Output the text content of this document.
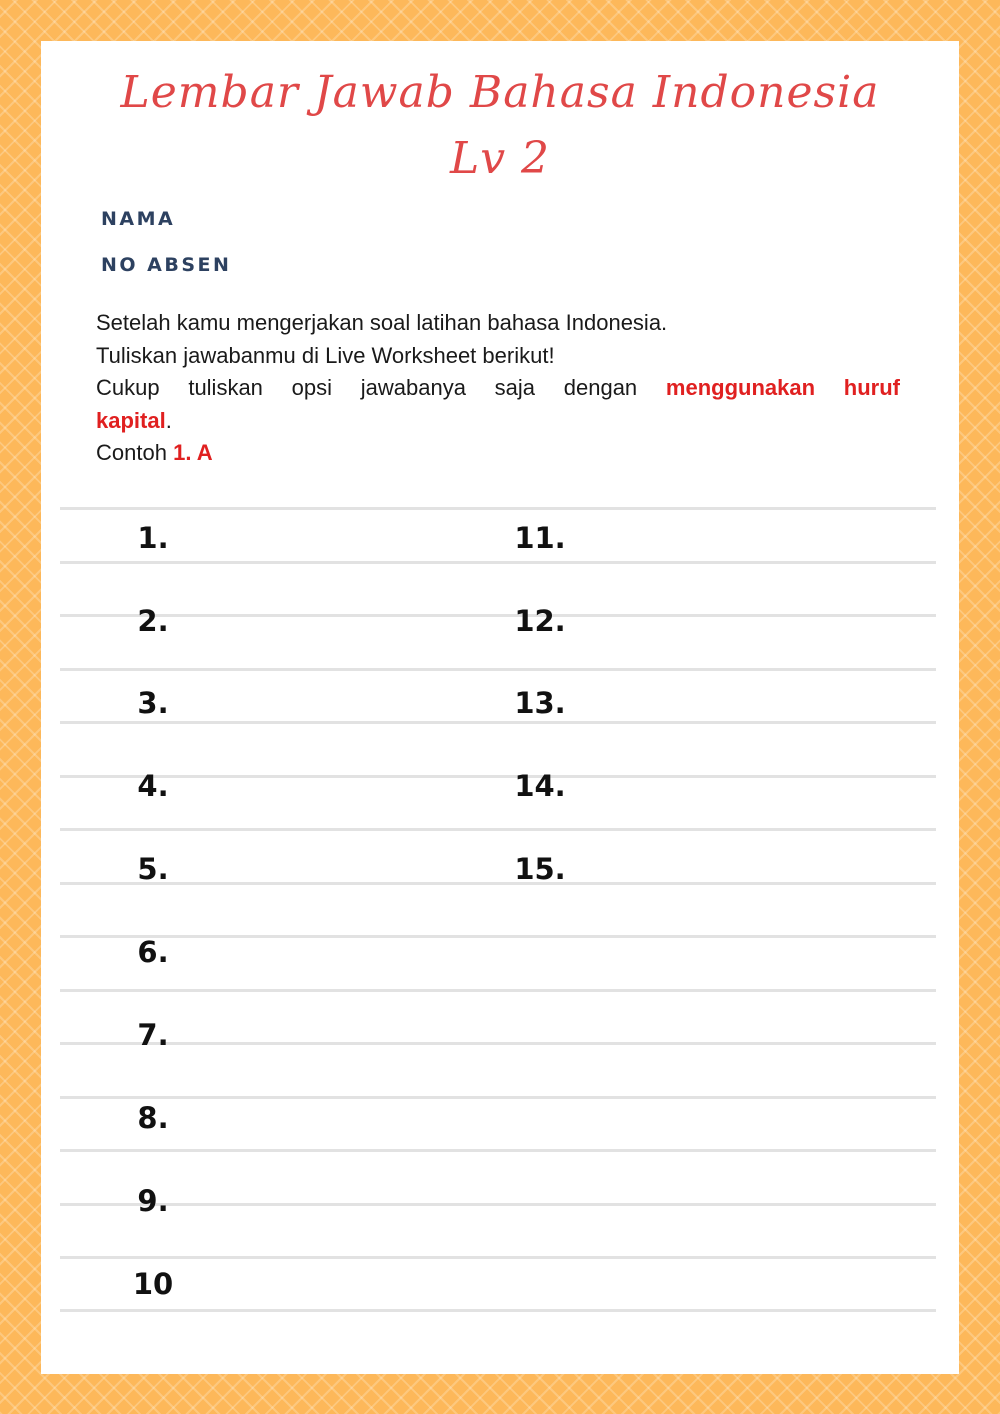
Lembar Jawab Bahasa Indonesia
Lv 2
NAMA
NO ABSEN

Setelah kamu mengerjakan soal latihan bahasa Indonesia.

Tuliskan jawabanmu di Live Worksheet berikut!

Cukup tuliskan opsi jawabanya saja dengan menggunakan huruf

kapital.

Contoh 1. A

1.
2.
3.
4.
5.
6.
7.
8.
9.
10
11.
12.
13.
14.
15.
